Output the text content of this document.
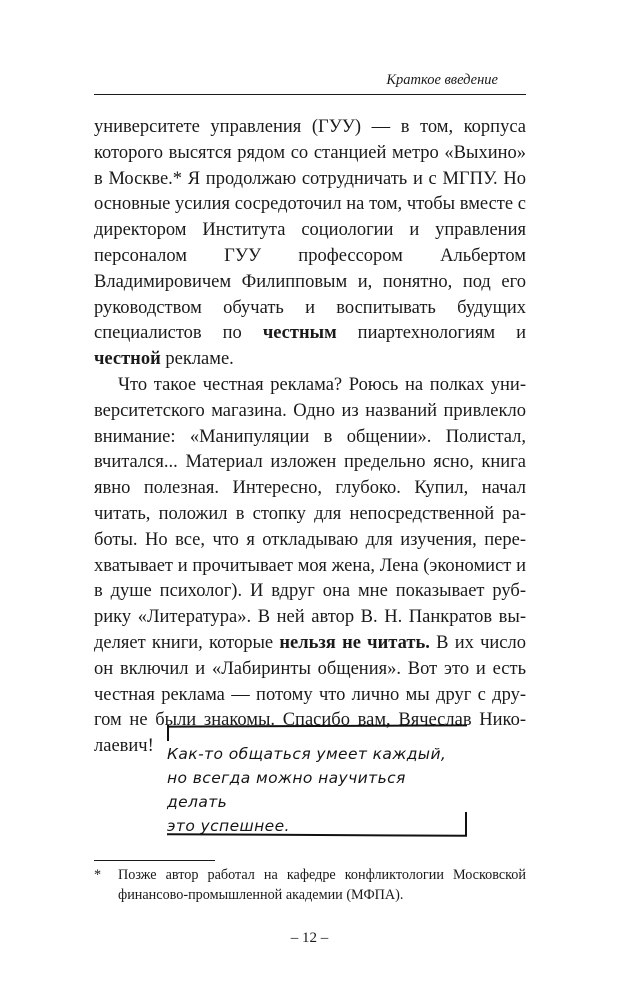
Краткое введение

университете управления (ГУУ) — в том, корпуса которого высятся рядом со станцией метро «Выхино» в Москве.* Я продолжаю сотрудничать и с МГПУ. Но основные усилия сосредоточил на том, чтобы вместе с директором Института социологии и управления персоналом ГУУ профессором Альбертом Владимировичем Филипповым и, понятно, под его руководством обучать и воспитывать будущих специалистов по честным пиартехнологиям и честной рекламе.

Что такое честная реклама? Роюсь на полках университетского магазина. Одно из названий привлекло внимание: «Манипуляции в общении». Полистал, вчитался... Материал изложен предельно ясно, книга явно полезная. Интересно, глубоко. Купил, начал читать, положил в стопку для непосредственной работы. Но все, что я откладываю для изучения, перехватывает и прочитывает моя жена, Лена (экономист и в душе психолог). И вдруг она мне показывает рубрику «Литература». В ней автор В. Н. Панкратов выделяет книги, которые нельзя не читать. В их число он включил и «Лабиринты общения». Вот это и есть честная реклама — потому что лично мы друг с другом не были знакомы. Спасибо вам, Вячеслав Николаевич! Как-то общаться умеет каждый,
но всегда можно научиться делать
это успешнее.
*	Позже автор работал на кафедре конфликтологии Московской финансово-промышленной академии (МФПА).
– 12 –
